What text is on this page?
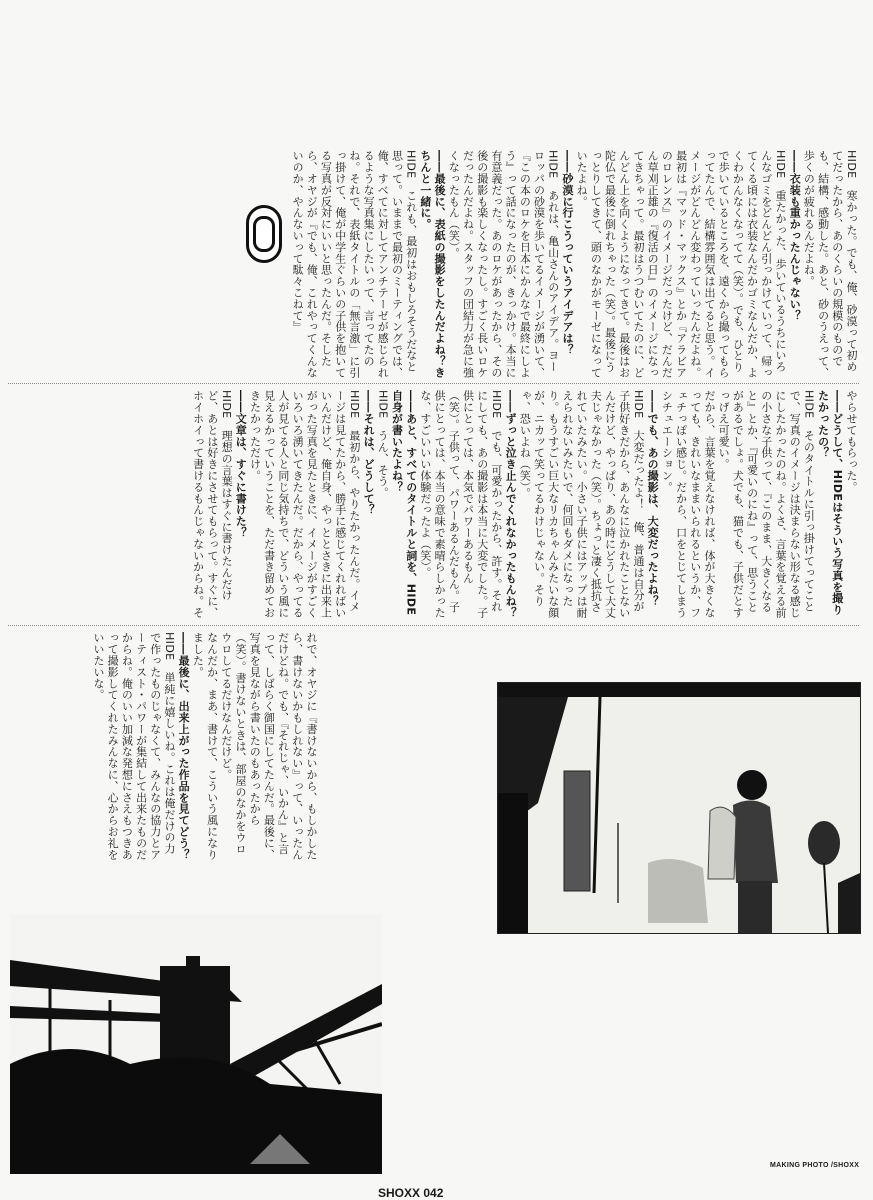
HIDE　寒かった。でも、俺、砂漠って初めてだったから、あのくらいの規模のものでも、結構、感動した。あと、砂のうえって、歩くのが疲れるんだよね。

――衣装も重かったんじゃない？

HIDE　重たかった、歩いているうちにいろんなゴミをどんどん引っかけていって、帰ってくる頃には衣装なんだかゴミなんだか、よくわかんなくなってて（笑）。でも、ひとりで歩いているところを、遠くから撮ってもらってたんで、結構雰囲気は出てると思う。イメージがどんどん変わっていったんだよね。最初は『マッド・マックス』とか『アラビアのロレンス』のイメージだったけど、だんだん草刈正雄の『復活の日』のイメージになってきちゃって。最初はうつむいてたのに、どんどん上を向くようになってきて。最後はお陀仏で最後に倒れちゃった（笑）。最後にうっとりしてきて、頭のなかがモーゼになっていたよね。

――砂漠に行こうっていうアイデアは？

HIDE　あれは、亀山さんのアイデア。ヨーロッパの砂漠を歩いてるイメージが湧いて、『この本のロケを日本にかんなで最終にしよう』って話になったのが、きっかけ。本当に有意義だった。あのロケがあったから、その後の撮影も楽しくなったし。すごく長いロケだったんだよね。スタッフの団結力が急に強くなったもん（笑）。

――最後に、表紙の撮影をしたんだよね？きちんと一緒に。

HIDE　これも、最初はおもしろそうだなと思って。いままで最初のミーティングでは、俺、すべてに対してアンチテーゼが感じられるような写真集にしたいって、言ってたのね。それで、表紙タイトルの「無言激」に引っ掛けて、俺が中学生ぐらいの子供を抱いてる写真が反対にいいと思ったんだ。そしたら、オヤジが『でも、俺、これやってくんないのか、やんないって駄々こねて』

やらせてもらった。

――どうして、HIDEはそういう写真を撮りたかったの？

HIDE　そのタイトルに引っ掛けてってことで、写真のイメージは決まらない形なる感じにしたかったのね。よくさ、言葉を覚える前の小さな子供って、『このまま、大きくなると』とか、『可愛いのにね』って、思うことがあるでしょ。犬でも、猫でも、子供だとすっげえ可愛い。

だから、言葉を覚えなければ、体が大きくなっても、きれいなままいられるというか、フェチっぽい感じ。だから、口をとじてしまうシチュエーション。

――でも、あの撮影は、大変だったよね？

HIDE　大変だったよ！　俺、普通は自分が子供好きだから、あんなに泣かれたことないんだけど、やっぱり、あの時にどうして大丈夫じゃなかった（笑）。ちょっと凄く抵抗されていたみたい。小さい子供にはアップは耐えられないみたいで、何回もダメになったり。もうすごい巨大なリカちゃんみたいな顔が、ニカッて笑ってるわけじゃない。そりゃ、恐いよね（笑）。

――ずっと泣き止んでくれなかったもんね？

HIDE　でも、可愛かったから、許す。それにしても、あの撮影は本当に大変でした。子供にとっては、本気でパワーあるもん（笑）。子供って、パワーあるんだもん。子供にとっては、本当の意味で素晴らしかったな、すごいいい体験だったよ（笑）。

――あと、すべてのタイトルと詞を、HIDE自身が書いたよね？

HIDE　うん、そう。

――それは、どうして？

HIDE　最初から、やりたかったんだ。イメージは見てたから、勝手に感じてくれればいいんだけど、俺自身、やっととさきに出来上がった写真を見たときに、イメージがすごくいろいろ湧いてきたんだ。だから、やってる人が見てる人と同じ気持ちで、どういう風に見えるかっていうことを、ただ書き留めておきたかっただけ。

――文章は、すぐに書けた？

HIDE　理想の言葉はすぐに書けたんだけど、あとは好きにさせてもらって。すぐに、ホイホイって書けるもんじゃないからね。そ

れで、オヤジに『書けないから、もしかしたら、書けないかもしれない』って、いったんだけどね。でも、『それじゃ、いかん』と言って、しばらく御国にしてたんだ。最後に、写真を見ながら書いたのもあったから（笑）。書けないときは、部屋のなかをウロウロしてるだけなんだけど。

なんだか、まあ、書けて、こういう風になりました。

――最後に、出来上がった作品を見てどう？

HIDE　単純に嬉しいね。これは俺だけの力で作ったものじゃなくて、みんなの協力とアーティスト・パワーが集結して出来たものだからね。俺のいい加減な発想にさえもつきあって撮影してくれたみんなに、心からお礼をいいたいな。

MAKING PHOTO /SHOXX
SHOXX 042
